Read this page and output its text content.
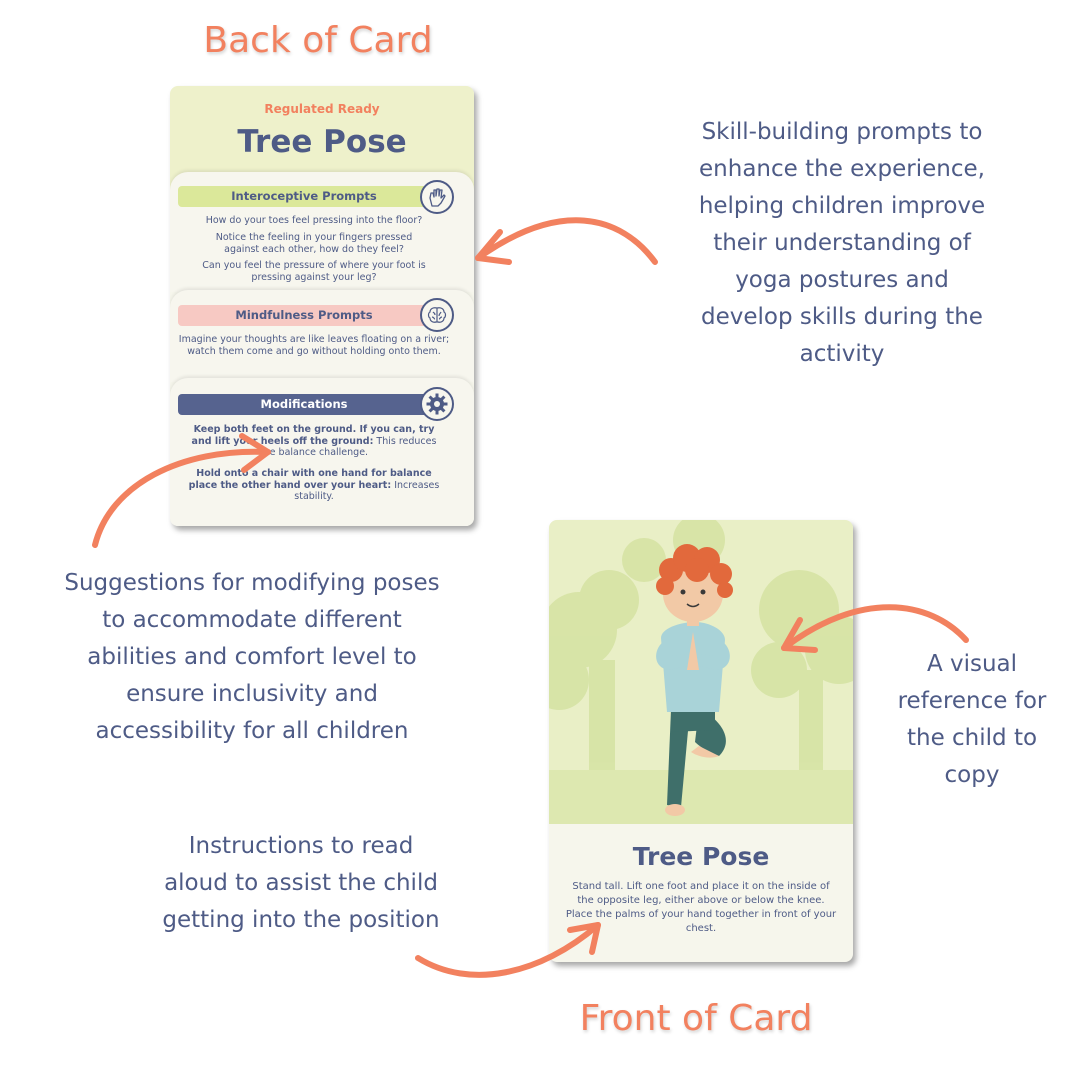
Back of Card
Front of Card
Regulated Ready
Tree Pose
Interoceptive Prompts
How do your toes feel pressing into the floor?
Notice the feeling in your fingers pressed against each other, how do they feel?
Can you feel the pressure of where your foot is pressing against your leg?
Mindfulness Prompts
Imagine your thoughts are like leaves floating on a river; watch them come and go without holding onto them.
Modifications
Keep both feet on the ground. If you can, try and lift your heels off the ground: This reduces the balance challenge.
Hold onto a chair with one hand for balance place the other hand over your heart: Increases stability.
Tree Pose
Stand tall. Lift one foot and place it on the inside of the opposite leg, either above or below the knee. Place the palms of your hand together in front of your chest.
Skill-building prompts to
enhance the experience,
helping children improve
their understanding of
yoga postures and
develop skills during the
activity
Suggestions for modifying poses
to accommodate different
abilities and comfort level to
ensure inclusivity and
accessibility for all children
A visual
reference for
the child to
copy
Instructions to read
aloud to assist the child
getting into the position
